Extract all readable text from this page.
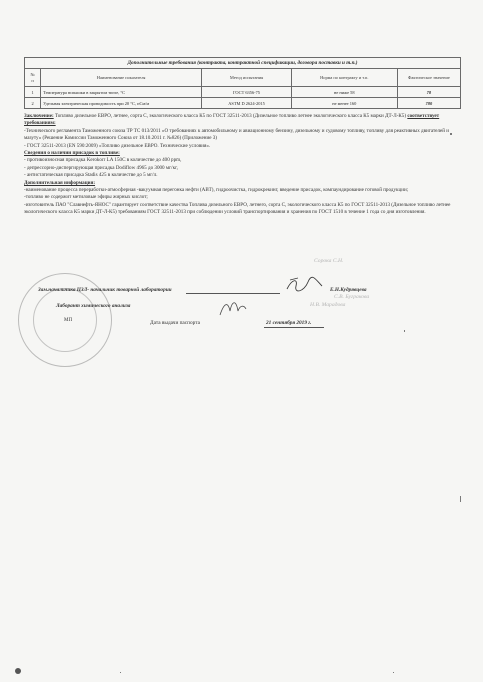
Дополнительные требования (контракта, контрактной спецификации, договора поставки и т.п.)				
№
п	Наименование показателя	Метод испытания	Норма по контракту и т.п.	Фактическое значение
1	Температура вспышки в закрытом тигле, °С	ГОСТ 6356-75	не ниже 58	78
2	Удельная электрическая проводимость при 20 °С, пСм/м	ASTM D 2624-2015	не менее 160	780

Заключение: Топливо дизельное ЕВРО, летнее, сорта С, экологического класса К5 по ГОСТ 32511-2013 (Дизельное топливо летнее экологического класса К5 марки ДТ-Л-К5) соответствует требованиям:

-Технического регламента Таможенного союза ТР ТС 013/2011 «О требованиях к автомобильному и авиационному бензину, дизельному и судовому топливу, топливу для реактивных двигателей и мазуту» (Решение Комиссии Таможенного Союза от 18.10.2011 г. №826) (Приложение 3)

- ГОСТ 32511-2013 (EN 590:2009) «Топливо дизельное ЕВРО. Технические условия».

Сведения о наличии присадок в топливе:

- противоизносная присадка Kerokorr LA 150С в количестве до 400 ppm,

- депрессорно-диспергирующая присадка Dodiflow 4965 до 3000 мг/кг,

- антистатическая присадка Stadis 425 в количестве до 5 мг/л.

Дополнительная информация:

-наименование процесса переработки-атмосферная -вакуумная перегонка нефти (АВТ), гидроочистка, гидрокрекинг, введение присадок, компаундирование готовой продукции;

-топливо не содержит метиловые эфиры жирных кислот;

-изготовитель ПАО "Славнефть-ЯНОС" гарантирует соответствие качества Топлива дизельного ЕВРО, летнего, сорта С, экологического класса К5 по ГОСТ 32511-2013 (Дизельное топливо летнее экологического класса К5 марки ДТ-Л-К5) требованиям ГОСТ 32511-2013 при соблюдении условий транспортирования и хранения по ГОСТ 1510 в течение 1 года со дня изготовления.

Сорока С.Н.
Зам.начальника ЦЗЛ- начальник товарной лаборатории	Е.Н.Кудрявцева
С.В. Бугракова
Н.В. Марадова
Лаборант химического анализа
МП	Дата выдачи паспорта	21 сентября 2019 г.
